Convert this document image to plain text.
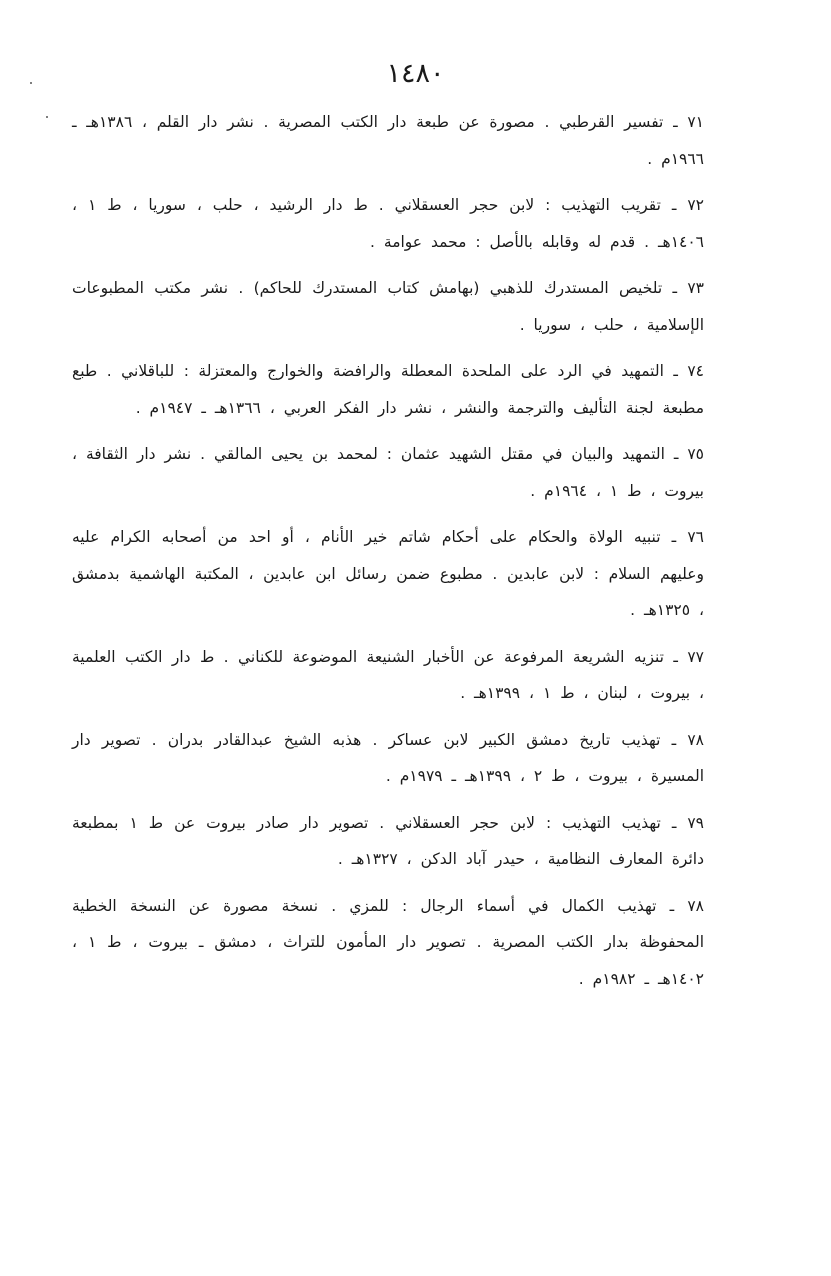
١٤٨٠

٧١ ـ تفسير القرطبي . مصورة عن طبعة دار الكتب المصرية . نشر دار القلم ، ١٣٨٦هـ ـ ١٩٦٦م .

٧٢ ـ تقريب التهذيب : لابن حجر العسقلاني . ط دار الرشيد ، حلب ، سوريا ، ط ١ ، ١٤٠٦هـ . قدم له وقابله بالأصل : محمد عوامة .

٧٣ ـ تلخيص المستدرك للذهبي (بهامش كتاب المستدرك للحاكم) . نشر مكتب المطبوعات الإسلامية ، حلب ، سوريا .

٧٤ ـ التمهيد في الرد على الملحدة المعطلة والرافضة والخوارج والمعتزلة : للباقلاني . طبع مطبعة لجنة التأليف والترجمة والنشر ، نشر دار الفكر العربي ، ١٣٦٦هـ ـ ١٩٤٧م .

٧٥ ـ التمهيد والبيان في مقتل الشهيد عثمان : لمحمد بن يحيى المالقي . نشر دار الثقافة ، بيروت ، ط ١ ، ١٩٦٤م .

٧٦ ـ تنبيه الولاة والحكام على أحكام شاتم خير الأنام ، أو احد من أصحابه الكرام عليه وعليهم السلام : لابن عابدين . مطبوع ضمن رسائل ابن عابدين ، المكتبة الهاشمية بدمشق ، ١٣٢٥هـ .

٧٧ ـ تنزيه الشريعة المرفوعة عن الأخبار الشنيعة الموضوعة للكناني . ط دار الكتب العلمية ، بيروت ، لبنان ، ط ١ ، ١٣٩٩هـ .

٧٨ ـ تهذيب تاريخ دمشق الكبير لابن عساكر . هذبه الشيخ عبدالقادر بدران . تصوير دار المسيرة ، بيروت ، ط ٢ ، ١٣٩٩هـ ـ ١٩٧٩م .

٧٩ ـ تهذيب التهذيب : لابن حجر العسقلاني . تصوير دار صادر بيروت عن ط ١ بمطبعة دائرة المعارف النظامية ، حيدر آباد الدكن ، ١٣٢٧هـ .

٧٨ ـ تهذيب الكمال في أسماء الرجال : للمزي . نسخة مصورة عن النسخة الخطية المحفوظة بدار الكتب المصرية . تصوير دار المأمون للتراث ، دمشق ـ بيروت ، ط ١ ، ١٤٠٢هـ ـ ١٩٨٢م .
